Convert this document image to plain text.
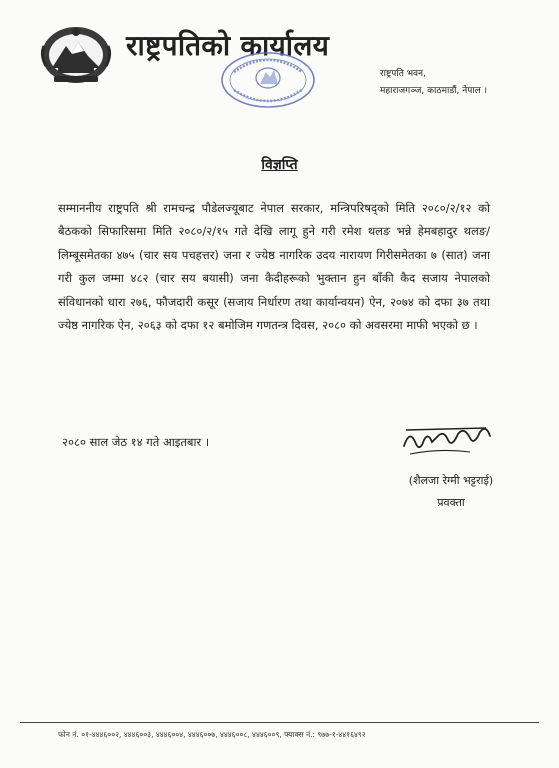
राष्ट्रपतिको कार्यालय
राष्ट्रपति भवन,
महाराजगञ्ज, काठमाडौं, नेपाल ।
विज्ञप्ति
सम्माननीय राष्ट्रपति श्री रामचन्द्र पौडेलज्यूबाट नेपाल सरकार, मन्त्रिपरिषद्को मिति २०८०/२/१२ को बैठकको सिफारिसमा मिति २०८०/२/१५ गते देखि लागू हुने गरी रमेश थलङ भन्ने हेमबहादुर थलङ/लिम्बूसमेतका ४७५ (चार सय पचहत्तर) जना र ज्येष्ठ नागरिक उदय नारायण गिरीसमेतका ७ (सात) जना गरी कुल जम्मा ४८२ (चार सय बयासी) जना कैदीहरूको भुक्तान हुन बाँकी कैद सजाय नेपालको संविधानको धारा २७६, फौजदारी कसूर (सजाय निर्धारण तथा कार्यान्वयन) ऐन, २०७४ को दफा ३७ तथा ज्येष्ठ नागरिक ऐन, २०६३ को दफा १२ बमोजिम गणतन्त्र दिवस, २०८० को अवसरमा माफी भएको छ ।
२०८० साल जेठ १४ गते आइतबार ।
(शैलजा रेग्मी भट्टराई)
प्रवक्ता
फोन नं. ०१-४४४६००२, ४४४६००३, ४४४६००४, ४४४६००७, ४४४६००८, ४४४६००९, फ्याक्स नं.: ९७७-१-४४१६४९२
